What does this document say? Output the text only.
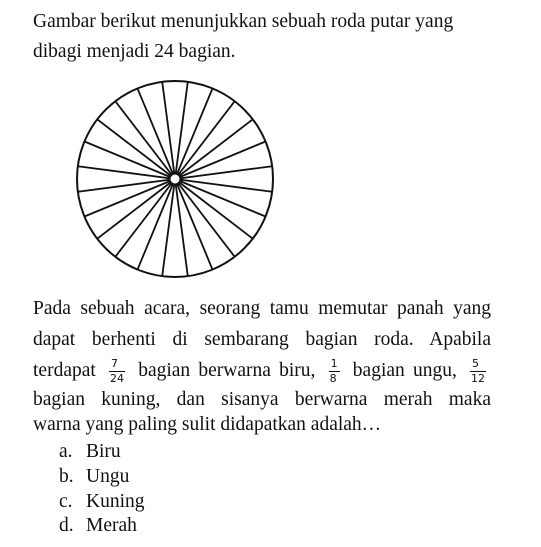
Gambar berikut menunjukkan sebuah roda putar yang
dibagi menjadi 24 bagian.
Pada sebuah acara, seorang tamu memutar panah yang
dapat berhenti di sembarang bagian roda. Apabila
terdapat $\frac{7}{24}$ bagian berwarna biru, $\frac{1}{8}$ bagian ungu, $\frac{5}{12}$
bagian kuning, dan sisanya berwarna merah maka
warna yang paling sulit didapatkan adalah…
a. Biru
b. Ungu
c. Kuning
d. Merah
